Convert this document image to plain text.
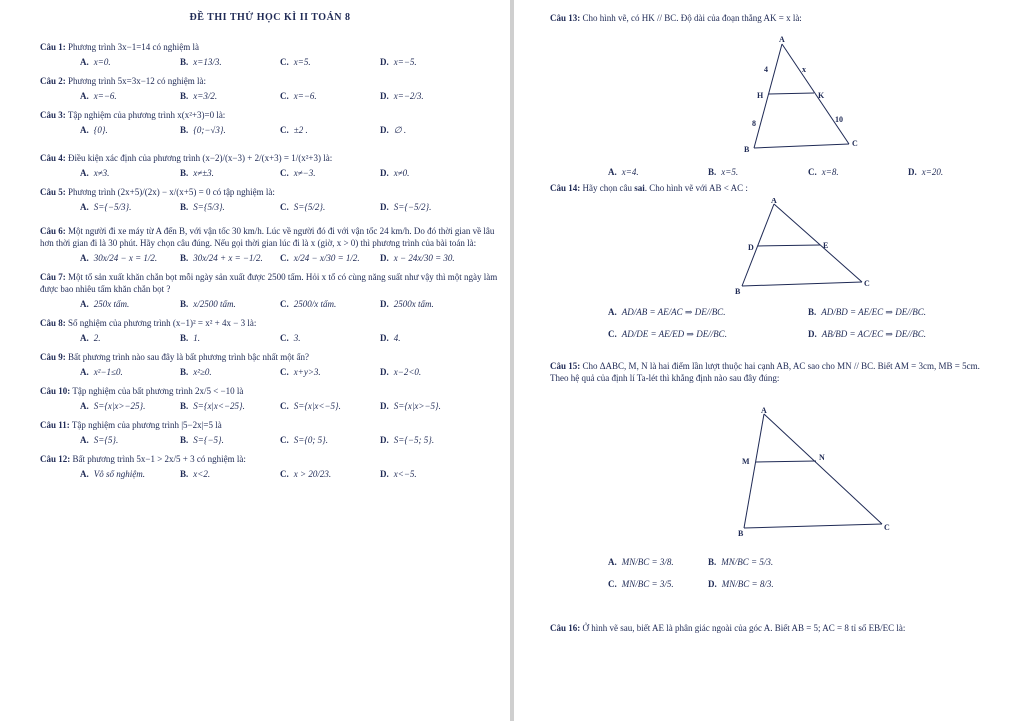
ĐỀ THI THỬ HỌC KÌ II TOÁN 8
Câu 1: Phương trình 3x−1=14 có nghiệm là
A. x=0.	B. x=13/3.	C. x=5.	D. x=−5.
Câu 2: Phương trình 5x=3x−12 có nghiệm là:
A. x=−6.	B. x=3/2.	C. x=−6.	D. x=−2/3.
Câu 3: Tập nghiệm của phương trình x(x²+3)=0 là:
A. {0}.	B. {0;−√3}.	C. ±2 .	D. ∅ .
Câu 4: Điều kiện xác định của phương trình (x−2)/(x−3) + 2/(x+3) = 1/(x²+3) là:
A. x≠3.	B. x≠±3.	C. x≠−3.	D. x≠0.
Câu 5: Phương trình (2x+5)/(2x) − x/(x+5) = 0 có tập nghiệm là:
A. S={−5/3}.	B. S={5/3}.	C. S={5/2}.	D. S={−5/2}.
Câu 6: Một người đi xe máy từ A đến B, với vận tốc 30 km/h. Lúc về người đó đi với vận tốc 24 km/h. Do đó thời gian về lâu hơn thời gian đi là 30 phút. Hãy chọn câu đúng. Nếu gọi thời gian lúc đi là x (giờ, x > 0) thì phương trình của bài toán là:
A. 30x/24 − x = 1/2.	B. 30x/24 + x = −1/2. C. x/24 − x/30 = 1/2. D. x − 24x/30 = 30.
Câu 7: Một tổ sản xuất khăn chắn bọt mỗi ngày sản xuất được 2500 tấm. Hỏi x tổ có cùng năng suất như vậy thì một ngày làm được bao nhiêu tấm khăn chắn bọt ?
A. 250x tấm.	B. x/2500 tấm.	C. 2500/x tấm.	D. 2500x tấm.
Câu 8: Số nghiệm của phương trình (x−1)² = x² + 4x − 3 là:
A. 2.	B. 1.	C. 3.	D. 4.
Câu 9: Bất phương trình nào sau đây là bất phương trình bậc nhất một ẩn?
A. x²−1≤0.	B. x²≥0.	C. x+y>3.	D. x−2<0.
Câu 10: Tập nghiệm của bất phương trình 2x/5 < −10 là
A. S={x|x>−25}.	B. S={x|x<−25}.	C. S={x|x<−5}.	D. S={x|x>−5}.
Câu 11: Tập nghiệm của phương trình |5−2x|=5 là
A. S={5}.	B. S={−5}.	C. S={0; 5}.	D. S={−5; 5}.
Câu 12: Bất phương trình 5x−1 > 2x/5 + 3 có nghiệm là:
A. Vô số nghiệm.	B. x<2.	C. x > 20/23.	D. x<−5.
Câu 13: Cho hình vẽ, có HK // BC. Độ dài của đoạn thẳng AK = x là:
A
H	K
B
C
4	x
8	10
A. x=4.	B. x=5.	C. x=8.	D. x=20.
Câu 14: Hãy chọn câu sai. Cho hình vẽ với AB < AC :
A
D	E
B
C
A. AD/AB = AE/AC ⇒ DE//BC.	B. AD/BD = AE/EC ⇒ DE//BC.
C. AD/DE = AE/ED ⇒ DE//BC.	D. AB/BD = AC/EC ⇒ DE//BC.
Câu 15: Cho ΔABC, M, N là hai điểm lần lượt thuộc hai cạnh AB, AC sao cho MN // BC. Biết AM = 3cm, MB = 5cm. Theo hệ quả của định lí Ta-lét thì khẳng định nào sau đây đúng:
A
M	N
B
C
A. MN/BC = 3/8.	B. MN/BC = 5/3.
C. MN/BC = 3/5.	D. MN/BC = 8/3.
Câu 16: Ở hình vẽ sau, biết AE là phân giác ngoài của góc A. Biết AB = 5; AC = 8 tỉ số EB/EC là:
